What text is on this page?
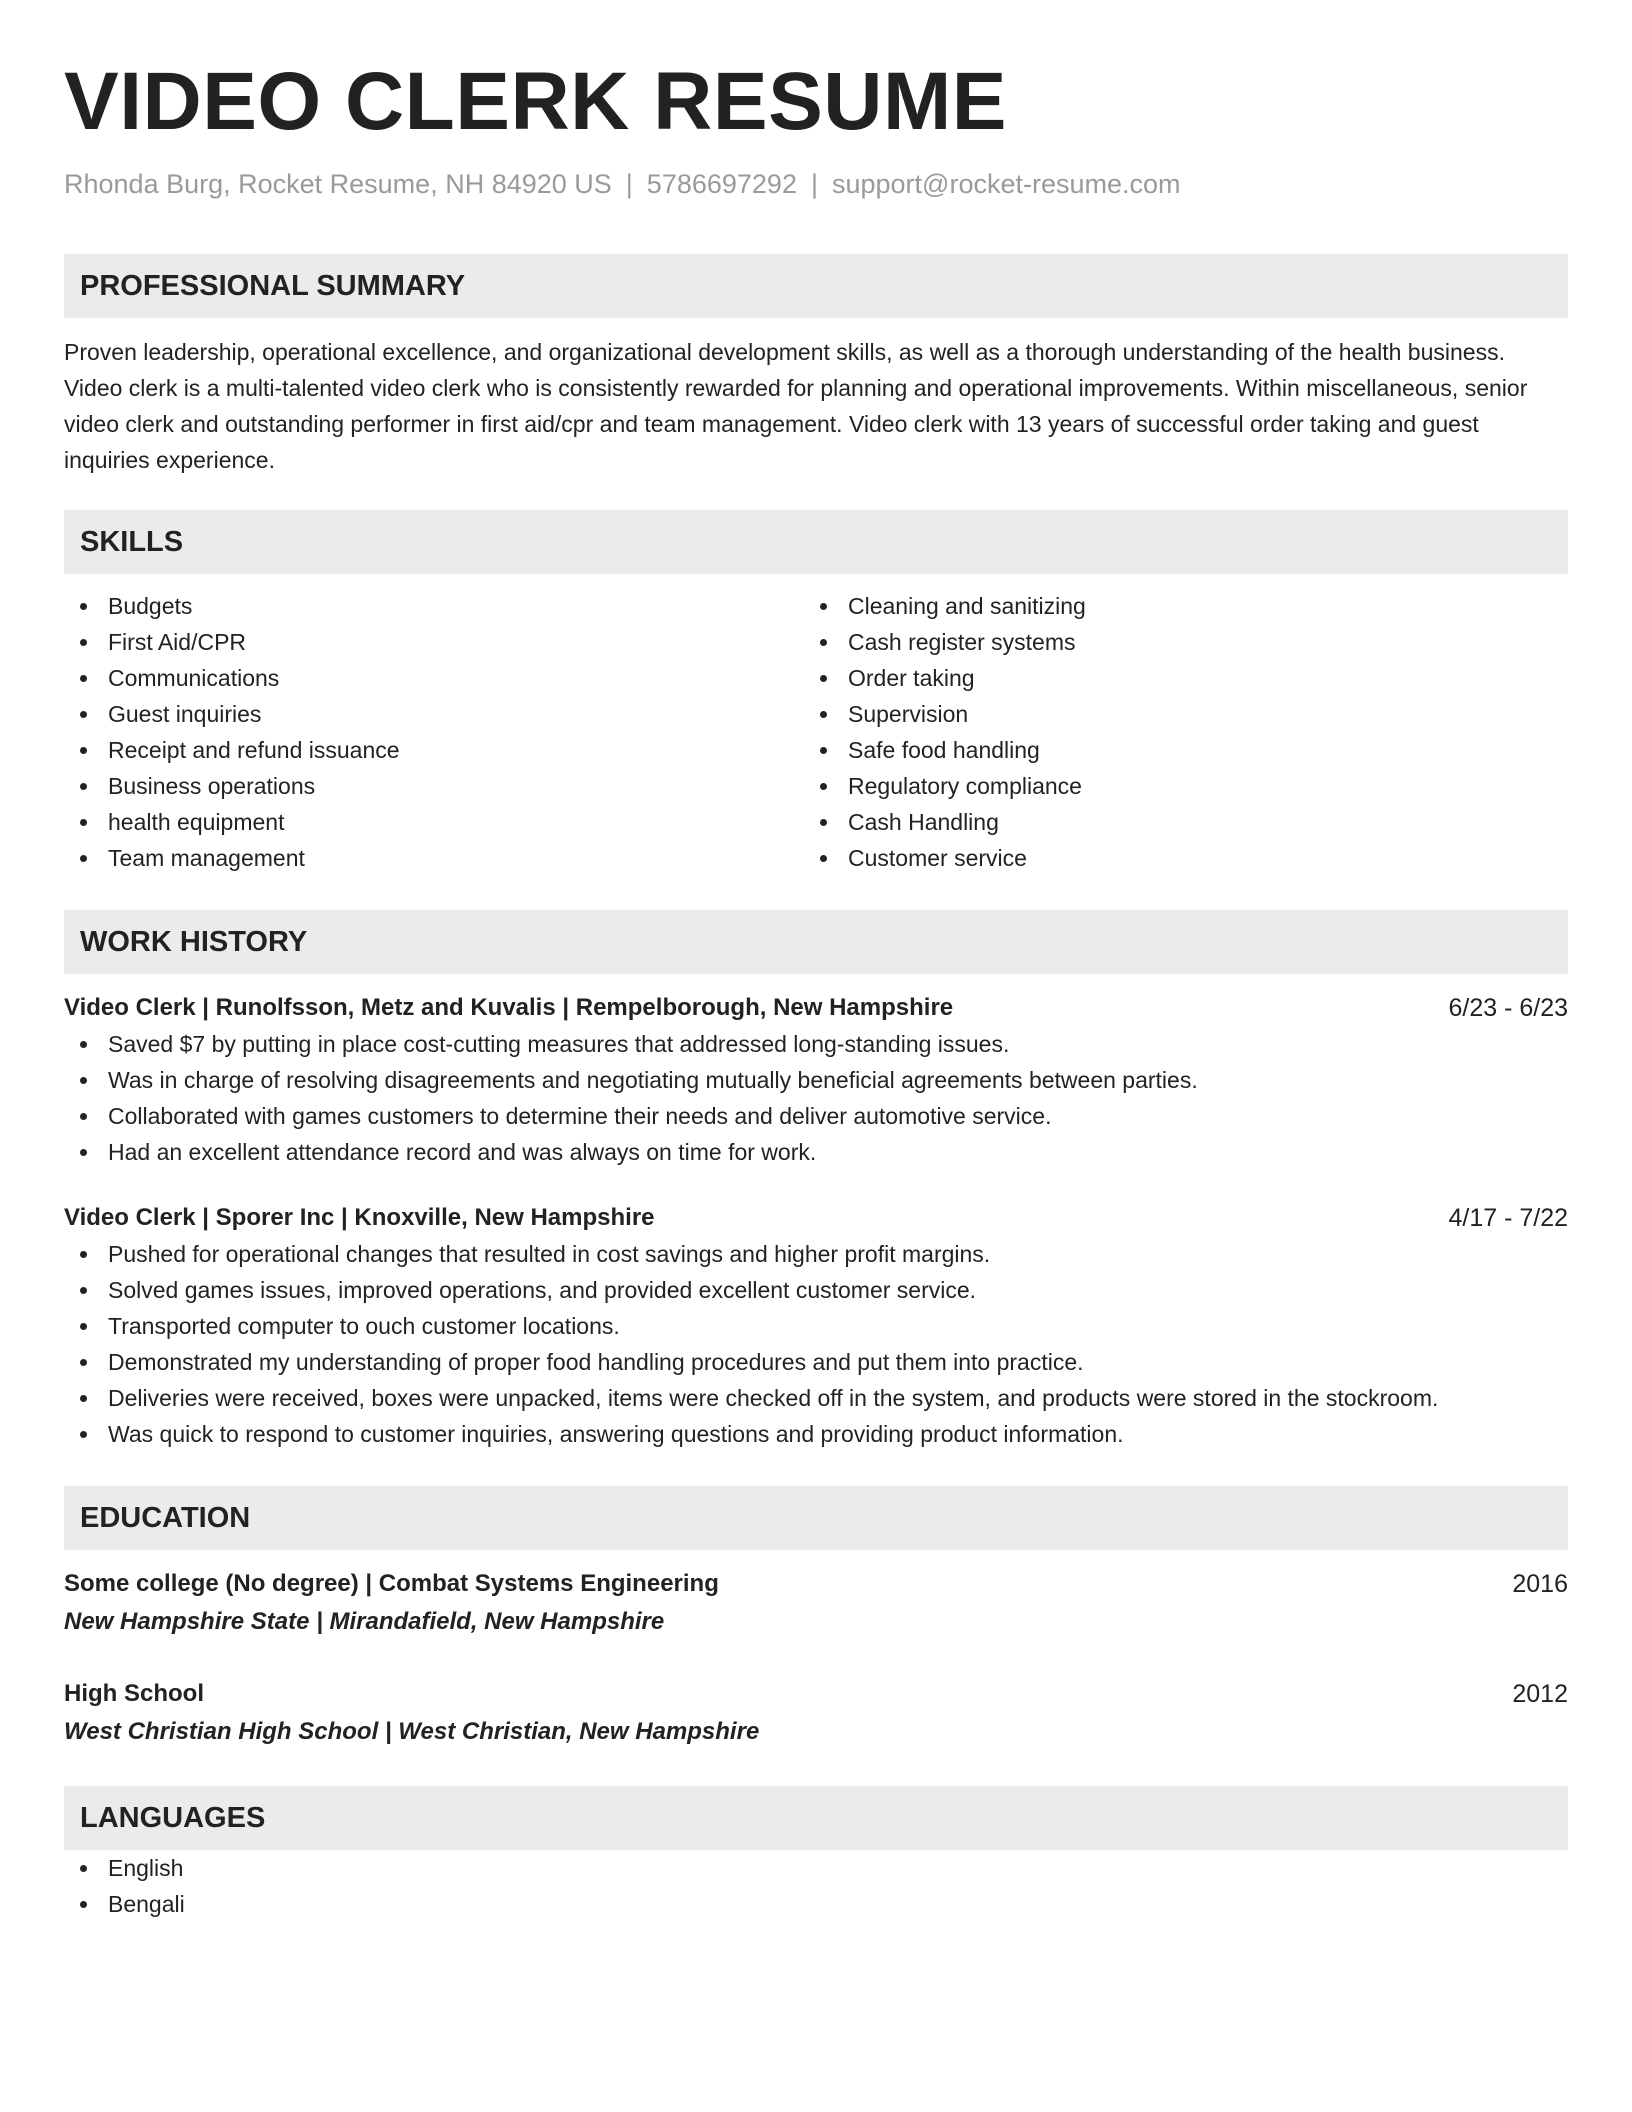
VIDEO CLERK RESUME
Rhonda Burg, Rocket Resume, NH 84920 US | 5786697292 | support@rocket-resume.com
PROFESSIONAL SUMMARY
Proven leadership, operational excellence, and organizational development skills, as well as a thorough understanding of the health business. Video clerk is a multi-talented video clerk who is consistently rewarded for planning and operational improvements. Within miscellaneous, senior video clerk and outstanding performer in first aid/cpr and team management. Video clerk with 13 years of successful order taking and guest inquiries experience.
SKILLS
Budgets
First Aid/CPR
Communications
Guest inquiries
Receipt and refund issuance
Business operations
health equipment
Team management
Cleaning and sanitizing
Cash register systems
Order taking
Supervision
Safe food handling
Regulatory compliance
Cash Handling
Customer service
WORK HISTORY
Video Clerk | Runolfsson, Metz and Kuvalis | Rempelborough, New Hampshire	6/23 - 6/23
Saved $7 by putting in place cost-cutting measures that addressed long-standing issues.
Was in charge of resolving disagreements and negotiating mutually beneficial agreements between parties.
Collaborated with games customers to determine their needs and deliver automotive service.
Had an excellent attendance record and was always on time for work.
Video Clerk | Sporer Inc | Knoxville, New Hampshire	4/17 - 7/22
Pushed for operational changes that resulted in cost savings and higher profit margins.
Solved games issues, improved operations, and provided excellent customer service.
Transported computer to ouch customer locations.
Demonstrated my understanding of proper food handling procedures and put them into practice.
Deliveries were received, boxes were unpacked, items were checked off in the system, and products were stored in the stockroom.
Was quick to respond to customer inquiries, answering questions and providing product information.
EDUCATION
Some college (No degree) | Combat Systems Engineering	2016
New Hampshire State | Mirandafield, New Hampshire
High School	2012
West Christian High School | West Christian, New Hampshire
LANGUAGES
English
Bengali
